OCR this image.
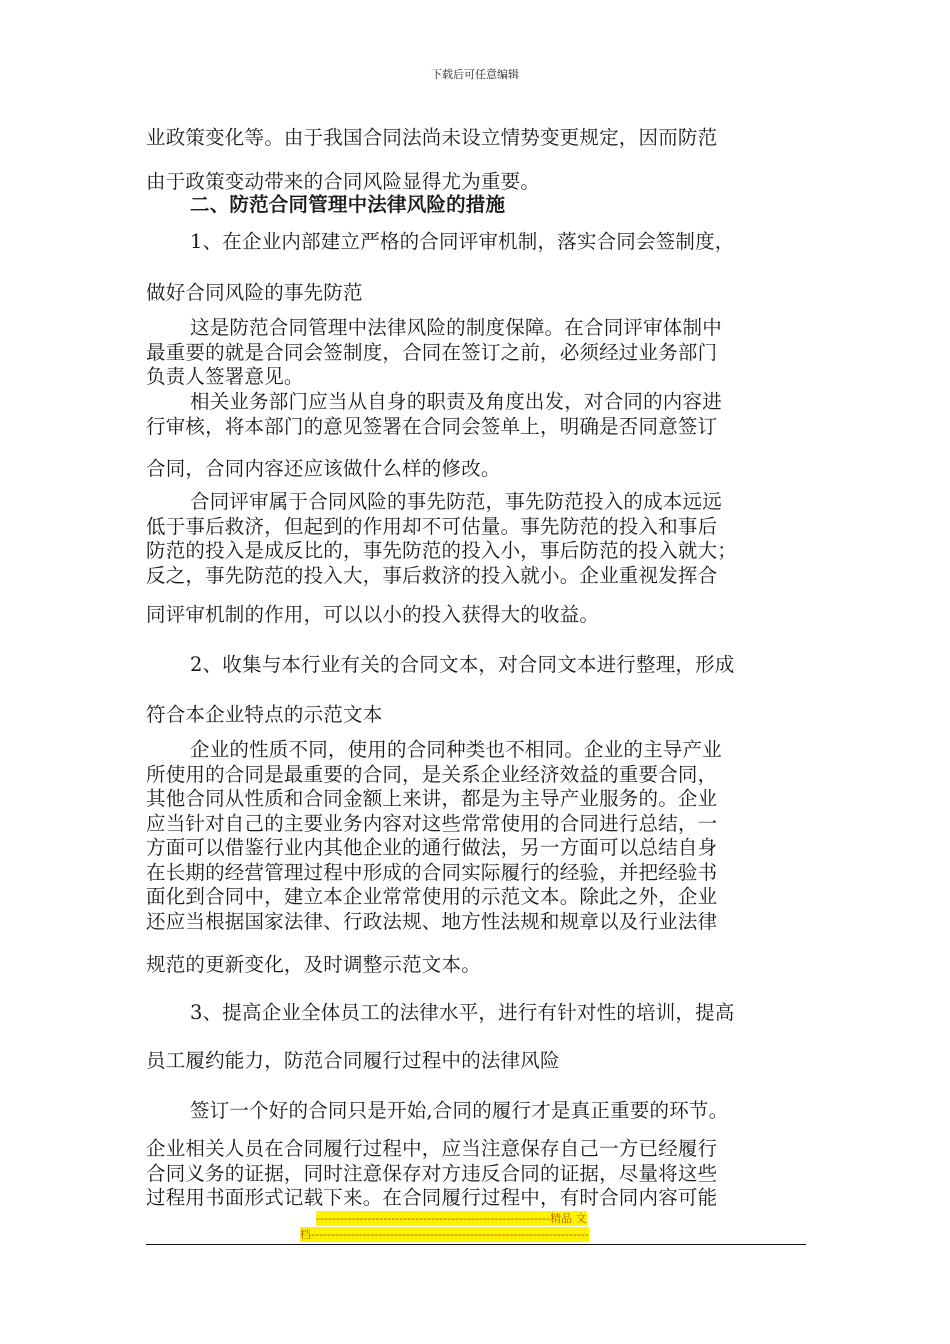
下载后可任意编辑
业政策变化等。由于我国合同法尚未设立情势变更规定，因而防范
由于政策变动带来的合同风险显得尤为重要。
二、防范合同管理中法律风险的措施
1、在企业内部建立严格的合同评审机制，落实合同会签制度，
做好合同风险的事先防范
这是防范合同管理中法律风险的制度保障。在合同评审体制中
最重要的就是合同会签制度，合同在签订之前，必须经过业务部门
负责人签署意见。
相关业务部门应当从自身的职责及角度出发，对合同的内容进
行审核，将本部门的意见签署在合同会签单上，明确是否同意签订
合同，合同内容还应该做什么样的修改。
合同评审属于合同风险的事先防范，事先防范投入的成本远远
低于事后救济，但起到的作用却不可估量。事先防范的投入和事后
防范的投入是成反比的，事先防范的投入小，事后防范的投入就大；
反之，事先防范的投入大，事后救济的投入就小。企业重视发挥合
同评审机制的作用，可以以小的投入获得大的收益。
2、收集与本行业有关的合同文本，对合同文本进行整理，形成
符合本企业特点的示范文本
企业的性质不同，使用的合同种类也不相同。企业的主导产业
所使用的合同是最重要的合同，是关系企业经济效益的重要合同，
其他合同从性质和合同金额上来讲，都是为主导产业服务的。企业
应当针对自己的主要业务内容对这些常常使用的合同进行总结，一
方面可以借鉴行业内其他企业的通行做法，另一方面可以总结自身
在长期的经营管理过程中形成的合同实际履行的经验，并把经验书
面化到合同中，建立本企业常常使用的示范文本。除此之外，企业
还应当根据国家法律、行政法规、地方性法规和规章以及行业法律
规范的更新变化，及时调整示范文本。
3、提高企业全体员工的法律水平，进行有针对性的培训，提高
员工履约能力，防范合同履行过程中的法律风险
签订一个好的合同只是开始,合同的履行才是真正重要的环节。
企业相关人员在合同履行过程中，应当注意保存自己一方已经履行
合同义务的证据，同时注意保存对方违反合同的证据，尽量将这些
过程用书面形式记载下来。在合同履行过程中，有时合同内容可能
-----------------------------------------------------------精品 文
档----------------------------------------------------------------------
